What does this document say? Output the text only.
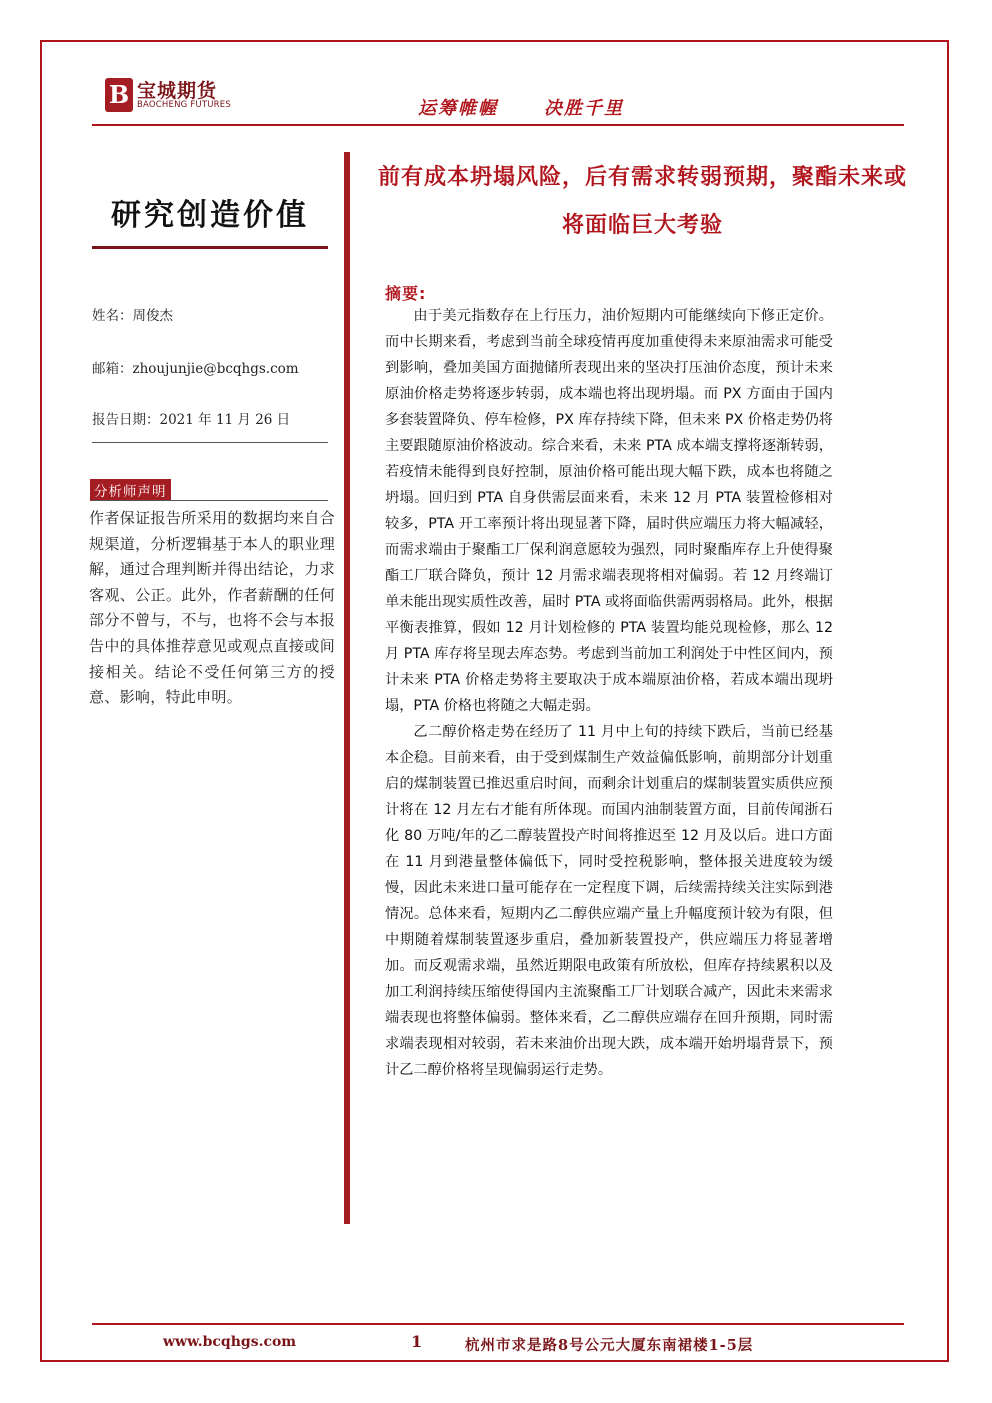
B 宝城期货
BAOCHENG FUTURES	运筹帷幄	决胜千里
研究创造价值
姓名：周俊杰
邮箱：zhoujunjie@bcqhgs.com
报告日期：2021 年 11 月 26 日
分析师声明
作者保证报告所采用的数据均来自合规渠道，分析逻辑基于本人的职业理解，通过合理判断并得出结论，力求客观、公正。此外，作者薪酬的任何部分不曾与，不与，也将不会与本报告中的具体推荐意见或观点直接或间接相关。结论不受任何第三方的授意、影响，特此申明。
前有成本坍塌风险，后有需求转弱预期，聚酯未来或将面临巨大考验
摘要:

由于美元指数存在上行压力，油价短期内可能继续向下修正定价。而中长期来看，考虑到当前全球疫情再度加重使得未来原油需求可能受到影响，叠加美国方面抛储所表现出来的坚决打压油价态度，预计未来原油价格走势将逐步转弱，成本端也将出现坍塌。而 PX 方面由于国内多套装置降负、停车检修，PX 库存持续下降，但未来 PX 价格走势仍将主要跟随原油价格波动。综合来看，未来 PTA 成本端支撑将逐渐转弱，若疫情未能得到良好控制，原油价格可能出现大幅下跌，成本也将随之坍塌。回归到 PTA 自身供需层面来看，未来 12 月 PTA 装置检修相对较多，PTA 开工率预计将出现显著下降，届时供应端压力将大幅减轻，而需求端由于聚酯工厂保利润意愿较为强烈，同时聚酯库存上升使得聚酯工厂联合降负，预计 12 月需求端表现将相对偏弱。若 12 月终端订单未能出现实质性改善，届时 PTA 或将面临供需两弱格局。此外，根据平衡表推算，假如 12 月计划检修的 PTA 装置均能兑现检修，那么 12 月 PTA 库存将呈现去库态势。考虑到当前加工利润处于中性区间内，预计未来 PTA 价格走势将主要取决于成本端原油价格，若成本端出现坍塌，PTA 价格也将随之大幅走弱。

乙二醇价格走势在经历了 11 月中上旬的持续下跌后，当前已经基本企稳。目前来看，由于受到煤制生产效益偏低影响，前期部分计划重启的煤制装置已推迟重启时间，而剩余计划重启的煤制装置实质供应预计将在 12 月左右才能有所体现。而国内油制装置方面，目前传闻浙石化 80 万吨/年的乙二醇装置投产时间将推迟至 12 月及以后。进口方面在 11 月到港量整体偏低下，同时受控税影响，整体报关进度较为缓慢，因此未来进口量可能存在一定程度下调，后续需持续关注实际到港情况。总体来看，短期内乙二醇供应端产量上升幅度预计较为有限，但中期随着煤制装置逐步重启，叠加新装置投产，供应端压力将显著增加。而反观需求端，虽然近期限电政策有所放松，但库存持续累积以及加工利润持续压缩使得国内主流聚酯工厂计划联合减产，因此未来需求端表现也将整体偏弱。整体来看，乙二醇供应端存在回升预期，同时需求端表现相对较弱，若未来油价出现大跌，成本端开始坍塌背景下，预计乙二醇价格将呈现偏弱运行走势。

www.bcqhgs.com	1	杭州市求是路8号公元大厦东南裙楼1-5层
